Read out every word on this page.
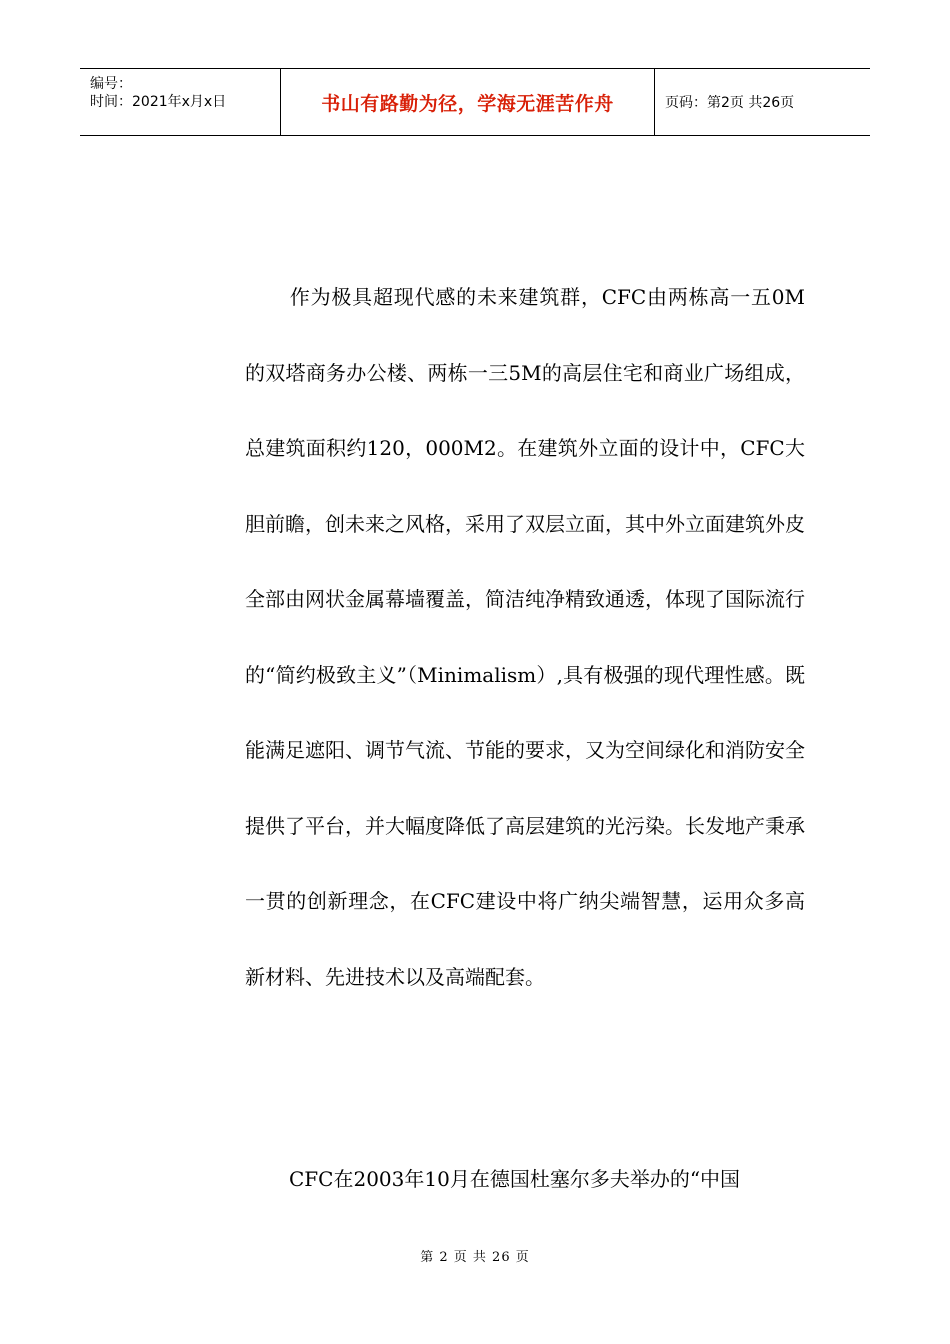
编号：
时间：2021年x月x日	书山有路勤为径，学海无涯苦作舟	页码：第2页 共26页

作为极具超现代感的未来建筑群，CFC由两栋高一五0M的双塔商务办公楼、两栋一三5M的高层住宅和商业广场组成，总建筑面积约120，000M2。在建筑外立面的设计中，CFC大胆前瞻，创未来之风格，采用了双层立面，其中外立面建筑外皮全部由网状金属幕墙覆盖，简洁纯净精致通透，体现了国际流行的“简约极致主义”（Minimalism）,具有极强的现代理性感。既能满足遮阳、调节气流、节能的要求，又为空间绿化和消防安全提供了平台，并大幅度降低了高层建筑的光污染。长发地产秉承一贯的创新理念，在CFC建设中将广纳尖端智慧，运用众多高新材料、先进技术以及高端配套。

CFC在2003年10月在德国杜塞尔多夫举办的“中国

第 2 页 共 26 页
